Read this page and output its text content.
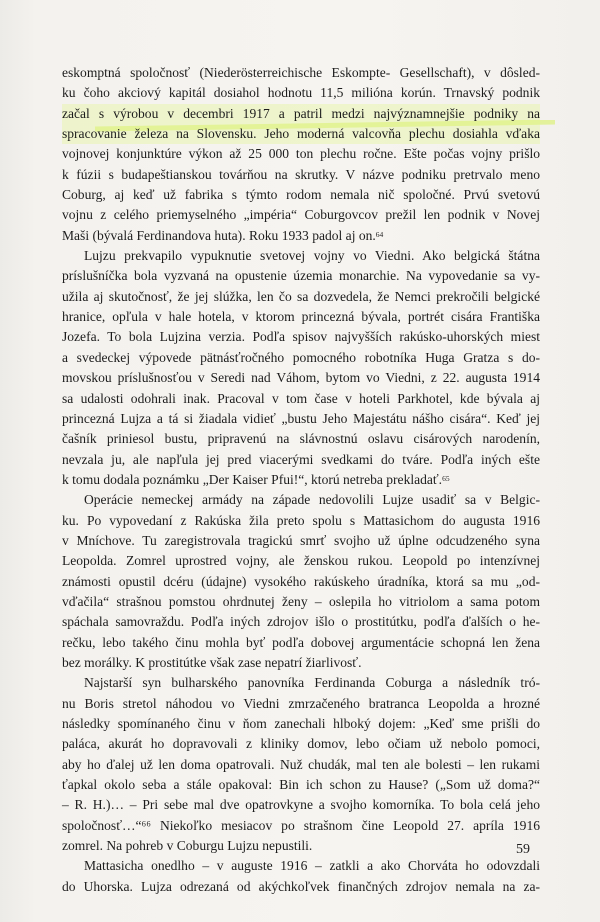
eskomptná spoločnosť (Niederösterreichische Eskompte- Gesellschaft), v dôsled-
ku čoho akciový kapitál dosiahol hodnotu 11,5 milióna korún. Trnavský podnik
začal s výrobou v decembri 1917 a patril medzi najvýznamnejšie podniky na
spracovanie železa na Slovensku. Jeho moderná valcovňa plechu dosiahla vďaka
vojnovej konjunktúre výkon až 25 000 ton plechu ročne. Ešte počas vojny prišlo
k fúzii s budapeštianskou továrňou na skrutky. V názve podniku pretrvalo meno
Coburg, aj keď už fabrika s týmto rodom nemala nič spoločné. Prvú svetovú
vojnu z celého priemyselného „impéria“ Coburgovcov prežil len podnik v Novej
Maši (bývalá Ferdinandova huta). Roku 1933 padol aj on.$^{64}$

Lujzu prekvapilo vypuknutie svetovej vojny vo Viedni. Ako belgická štátna
príslušníčka bola vyzvaná na opustenie územia monarchie. Na vypovedanie sa vy-
užila aj skutočnosť, že jej slúžka, len čo sa dozvedela, že Nemci prekročili belgické
hranice, opľula v hale hotela, v ktorom princezná bývala, portrét cisára Františka
Jozefa. To bola Lujzina verzia. Podľa spisov najvyšších rakúsko-uhorských miest
a svedeckej výpovede pätnásťročného pomocného robotníka Huga Gratza s do-
movskou príslušnosťou v Seredi nad Váhom, bytom vo Viedni, z 22. augusta 1914
sa udalosti odohrali inak. Pracoval v tom čase v hoteli Parkhotel, kde bývala aj
princezná Lujza a tá si žiadala vidieť „bustu Jeho Majestátu nášho cisára“. Keď jej
čašník priniesol bustu, pripravenú na slávnostnú oslavu cisárových narodenín,
nevzala ju, ale napľula jej pred viacerými svedkami do tváre. Podľa iných ešte
k tomu dodala poznámku „Der Kaiser Pfui!“, ktorú netreba prekladať.$^{65}$

Operácie nemeckej armády na západe nedovolili Lujze usadiť sa v Belgic-
ku. Po vypovedaní z Rakúska žila preto spolu s Mattasichom do augusta 1916
v Mníchove. Tu zaregistrovala tragickú smrť svojho už úplne odcudzeného syna
Leopolda. Zomrel uprostred vojny, ale ženskou rukou. Leopold po intenzívnej
známosti opustil dcéru (údajne) vysokého rakúskeho úradníka, ktorá sa mu „od-
vďačila“ strašnou pomstou ohrdnutej ženy – oslepila ho vitriolom a sama potom
spáchala samovraždu. Podľa iných zdrojov išlo o prostitútku, podľa ďalších o he-
rečku, lebo takého činu mohla byť podľa dobovej argumentácie schopná len žena
bez morálky. K prostitútke však zase nepatrí žiarlivosť.

Najstarší syn bulharského panovníka Ferdinanda Coburga a následník tró-
nu Boris stretol náhodou vo Viedni zmrzačeného bratranca Leopolda a hrozné
následky spomínaného činu v ňom zanechali hlboký dojem: „Keď sme prišli do
paláca, akurát ho dopravovali z kliniky domov, lebo očiam už nebolo pomoci,
aby ho ďalej už len doma opatrovali. Nuž chudák, mal ten ale bolesti – len rukami
ťapkal okolo seba a stále opakoval: Bin ich schon zu Hause? („Som už doma?“
– R. H.)… – Pri sebe mal dve opatrovkyne a svojho komorníka. To bola celá jeho
spoločnosť…“⁶⁶ Niekoľko mesiacov po strašnom čine Leopold 27. apríla 1916
zomrel. Na pohreb v Coburgu Lujzu nepustili.

Mattasicha onedlho – v auguste 1916 – zatkli a ako Chorváta ho odovzdali
do Uhorska. Lujza odrezaná od akýchkoľvek finančných zdrojov nemala na za-

59
